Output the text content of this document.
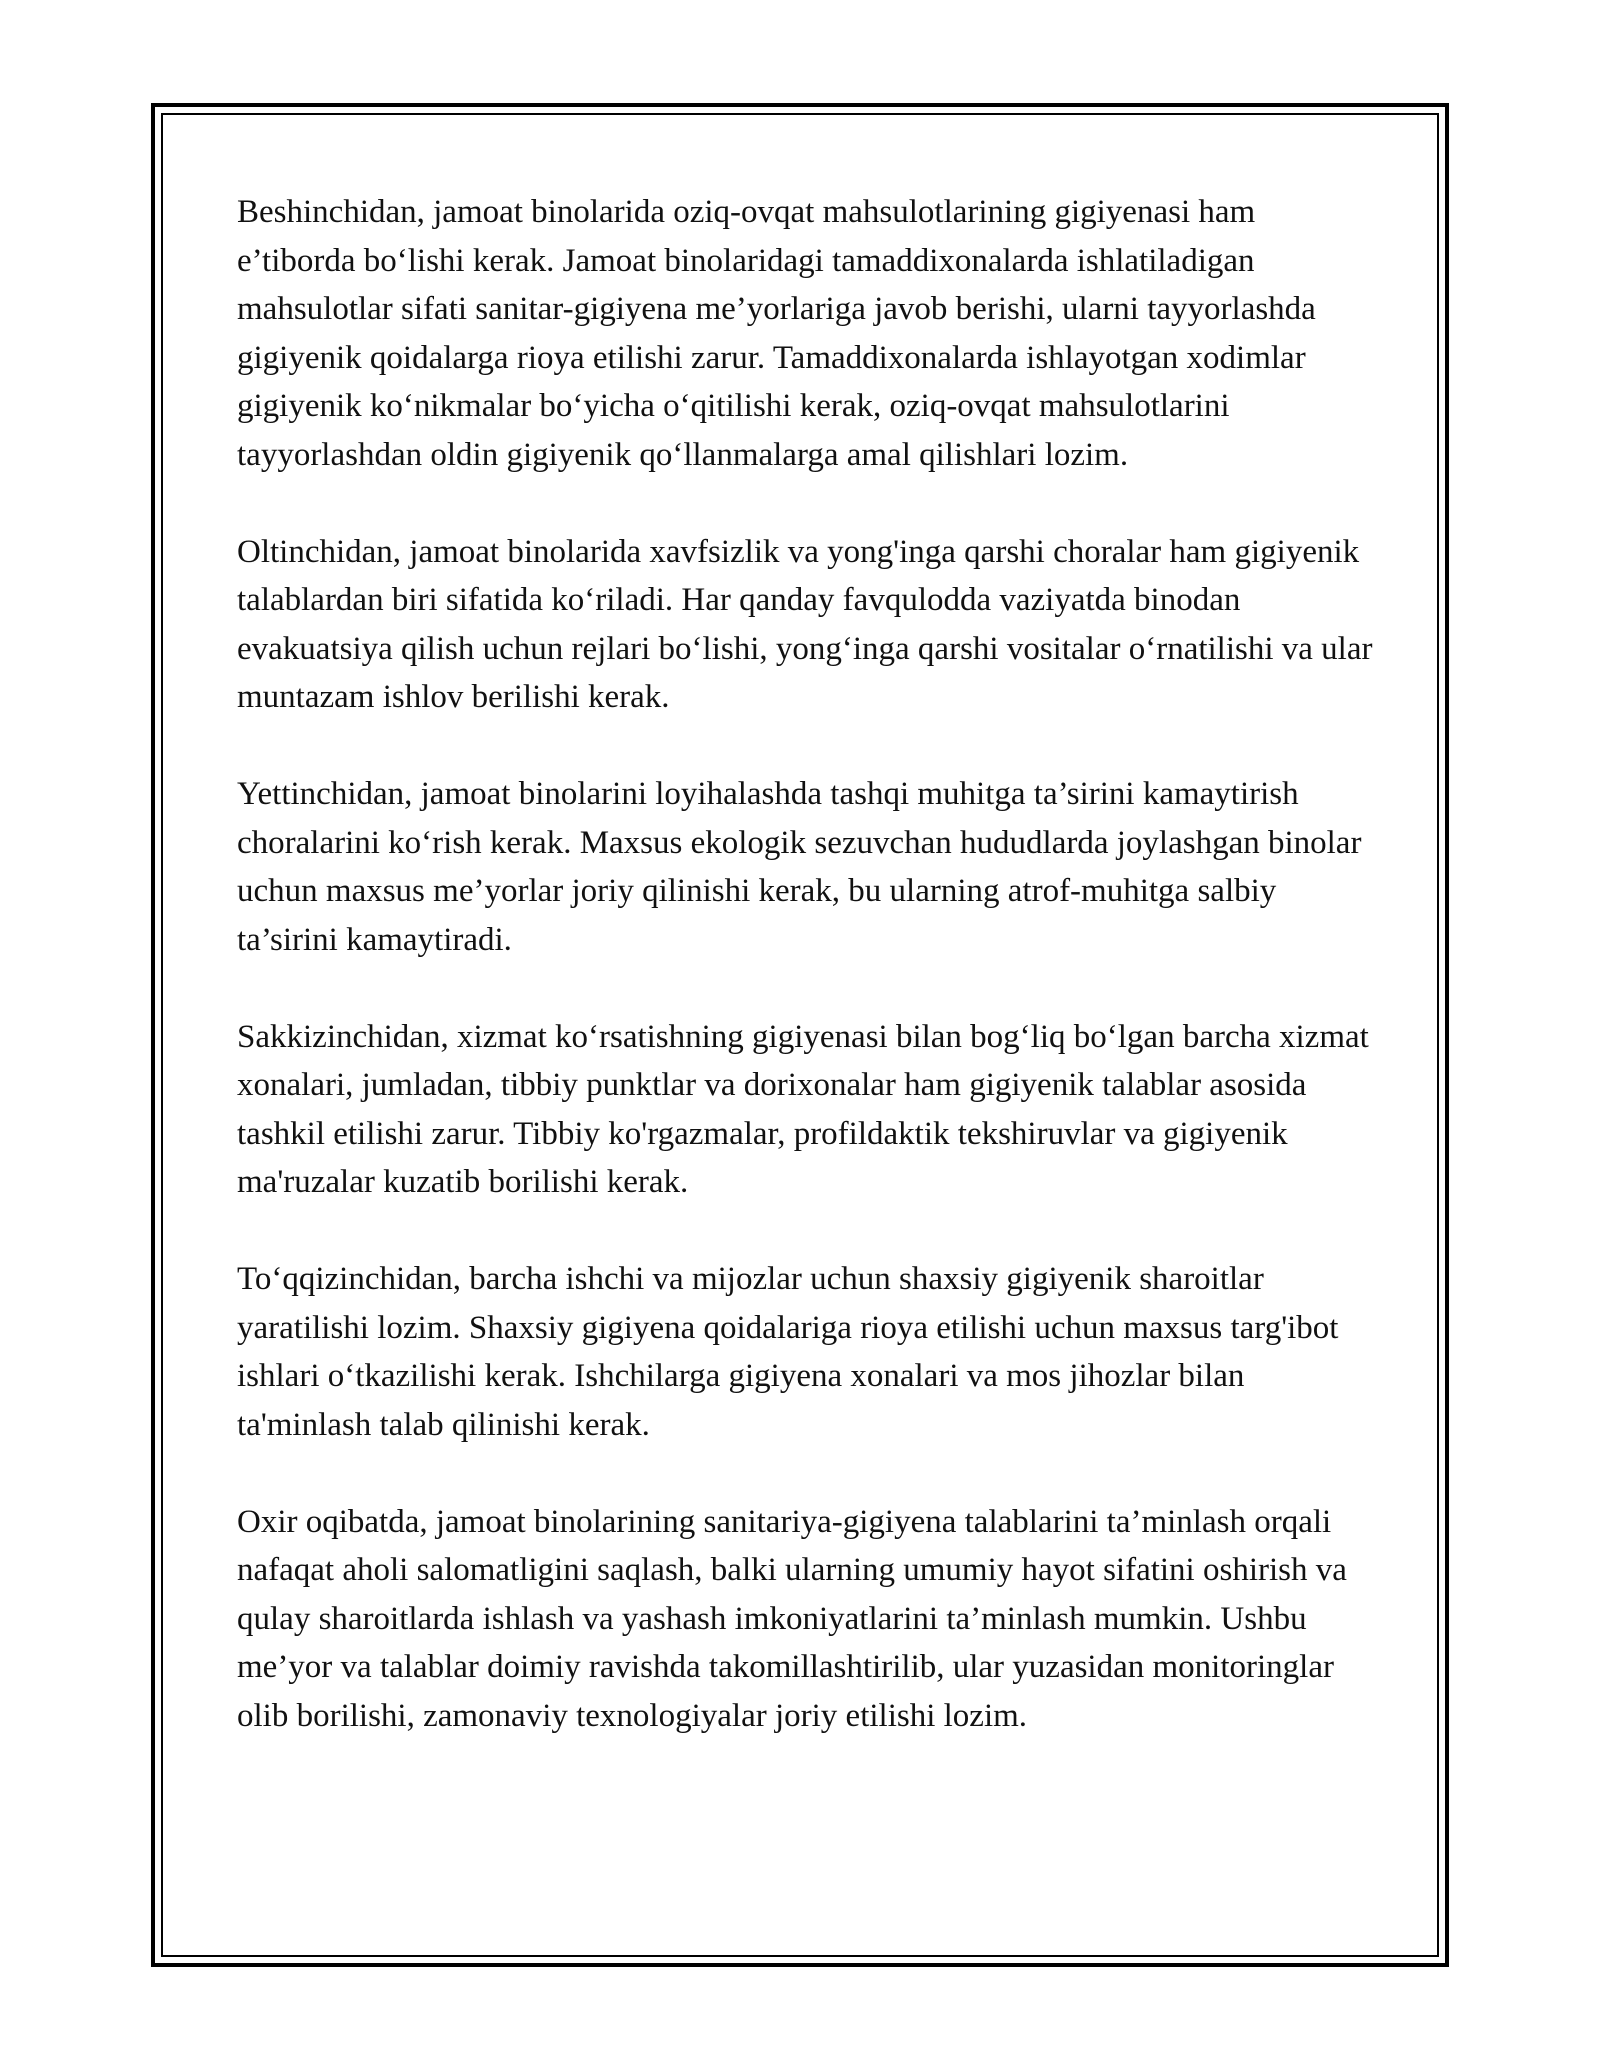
Beshinchidan, jamoat binolarida oziq-ovqat mahsulotlarining gigiyenasi ham e’tiborda bo‘lishi kerak. Jamoat binolaridagi tamaddixonalarda ishlatiladigan mahsulotlar sifati sanitar-gigiyena me’yorlariga javob berishi, ularni tayyorlashda gigiyenik qoidalarga rioya etilishi zarur. Tamaddixonalarda ishlayotgan xodimlar gigiyenik ko‘nikmalar bo‘yicha o‘qitilishi kerak, oziq-ovqat mahsulotlarini tayyorlashdan oldin gigiyenik qo‘llanmalarga amal qilishlari lozim.

Oltinchidan, jamoat binolarida xavfsizlik va yong'inga qarshi choralar ham gigiyenik talablardan biri sifatida ko‘riladi. Har qanday favqulodda vaziyatda binodan evakuatsiya qilish uchun rejlari bo‘lishi, yong‘inga qarshi vositalar o‘rnatilishi va ular muntazam ishlov berilishi kerak.

Yettinchidan, jamoat binolarini loyihalashda tashqi muhitga ta’sirini kamaytirish choralarini ko‘rish kerak. Maxsus ekologik sezuvchan hududlarda joylashgan binolar uchun maxsus me’yorlar joriy qilinishi kerak, bu ularning atrof-muhitga salbiy ta’sirini kamaytiradi.

Sakkizinchidan, xizmat ko‘rsatishning gigiyenasi bilan bog‘liq bo‘lgan barcha xizmat xonalari, jumladan, tibbiy punktlar va dorixonalar ham gigiyenik talablar asosida tashkil etilishi zarur. Tibbiy ko'rgazmalar, profildaktik tekshiruvlar va gigiyenik ma'ruzalar kuzatib borilishi kerak.

To‘qqizinchidan, barcha ishchi va mijozlar uchun shaxsiy gigiyenik sharoitlar yaratilishi lozim. Shaxsiy gigiyena qoidalariga rioya etilishi uchun maxsus targ'ibot ishlari o‘tkazilishi kerak. Ishchilarga gigiyena xonalari va mos jihozlar bilan ta'minlash talab qilinishi kerak.

Oxir oqibatda, jamoat binolarining sanitariya-gigiyena talablarini ta’minlash orqali nafaqat aholi salomatligini saqlash, balki ularning umumiy hayot sifatini oshirish va qulay sharoitlarda ishlash va yashash imkoniyatlarini ta’minlash mumkin. Ushbu me’yor va talablar doimiy ravishda takomillashtirilib, ular yuzasidan monitoringlar olib borilishi, zamonaviy texnologiyalar joriy etilishi lozim.
